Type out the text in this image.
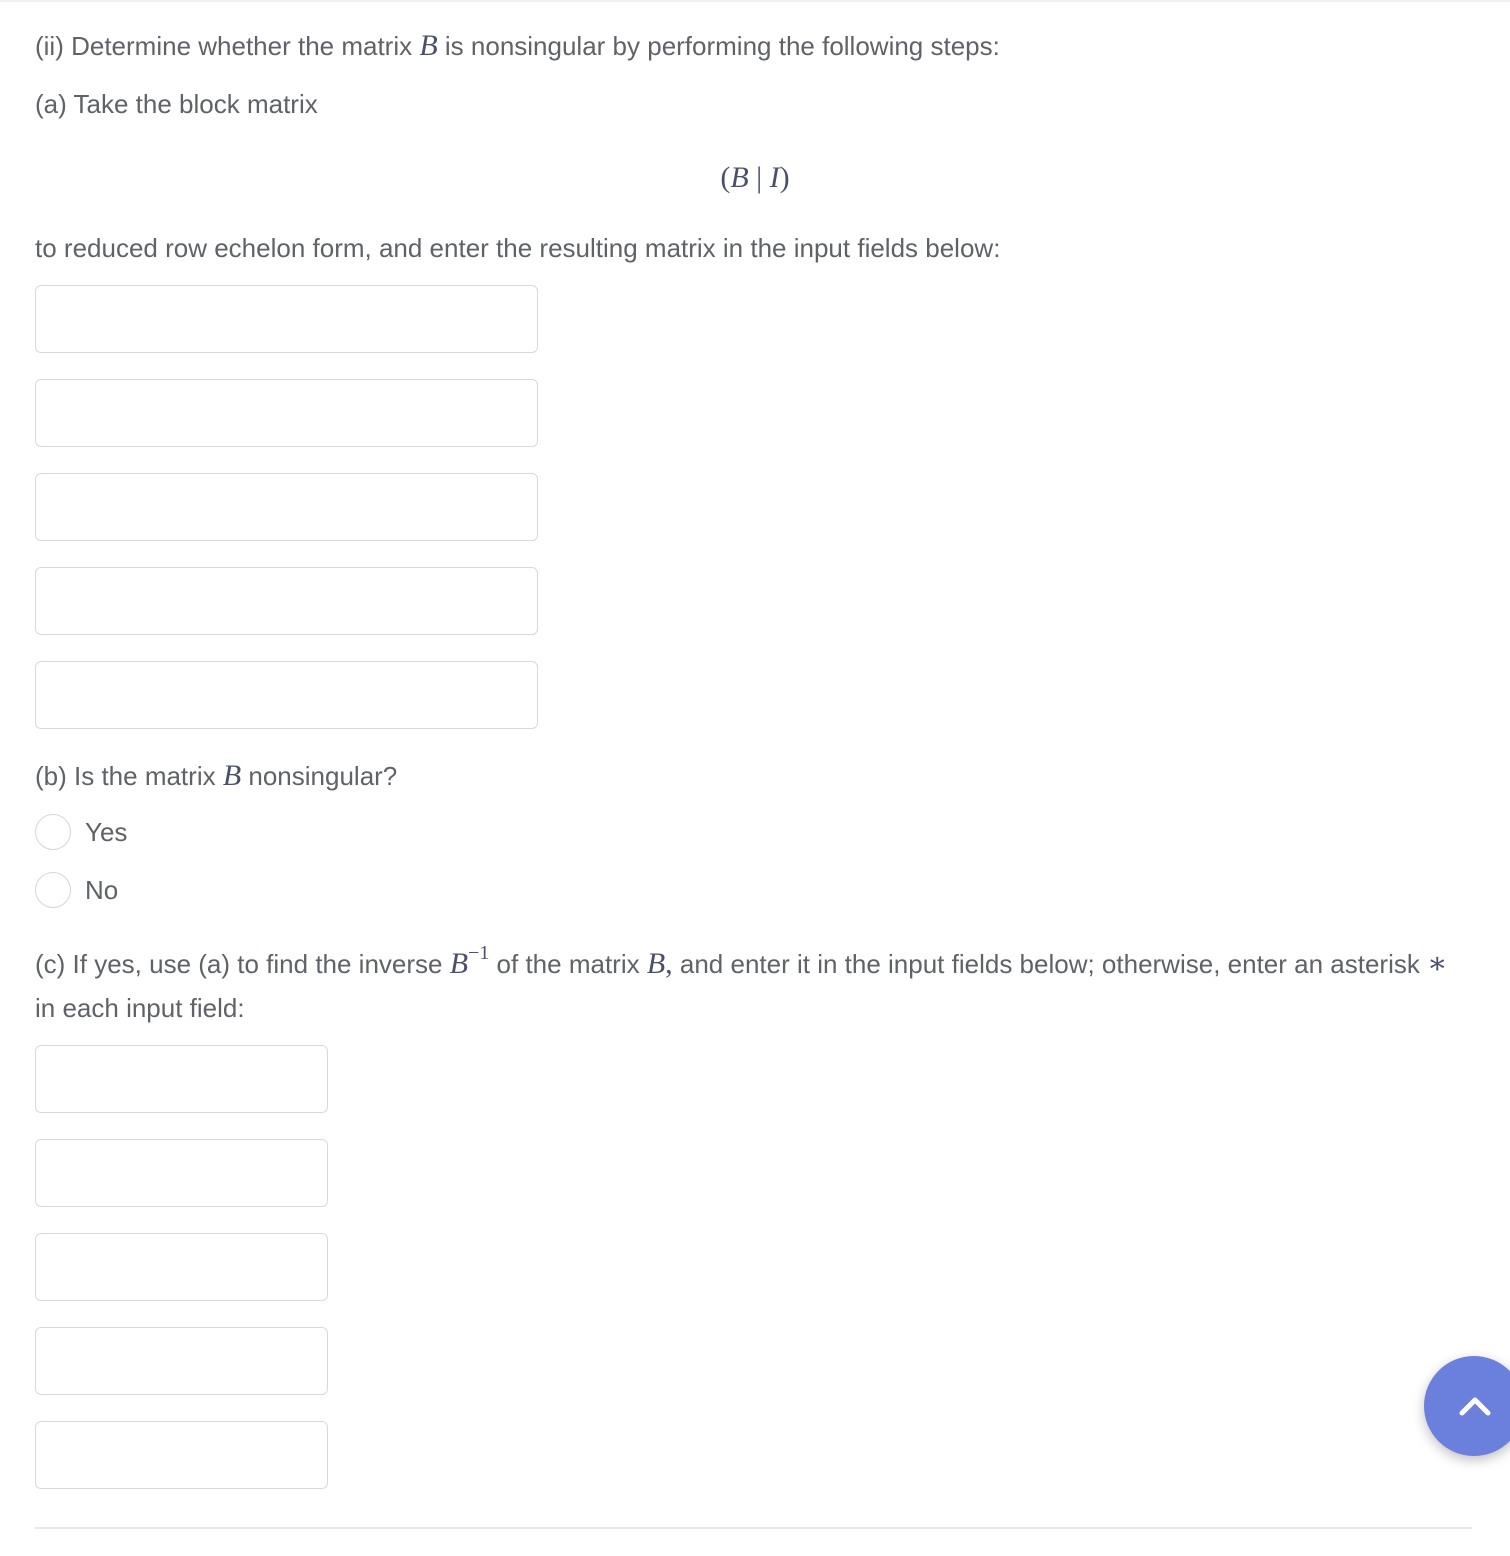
(ii) Determine whether the matrix B is nonsingular by performing the following steps:
(a) Take the block matrix
(B | I)
to reduced row echelon form, and enter the resulting matrix in the input fields below:
(b) Is the matrix B nonsingular?
Yes
No
(c) If yes, use (a) to find the inverse $B^{-1}$ of the matrix B, and enter it in the input fields below; otherwise, enter an asterisk ∗ in each input field:
